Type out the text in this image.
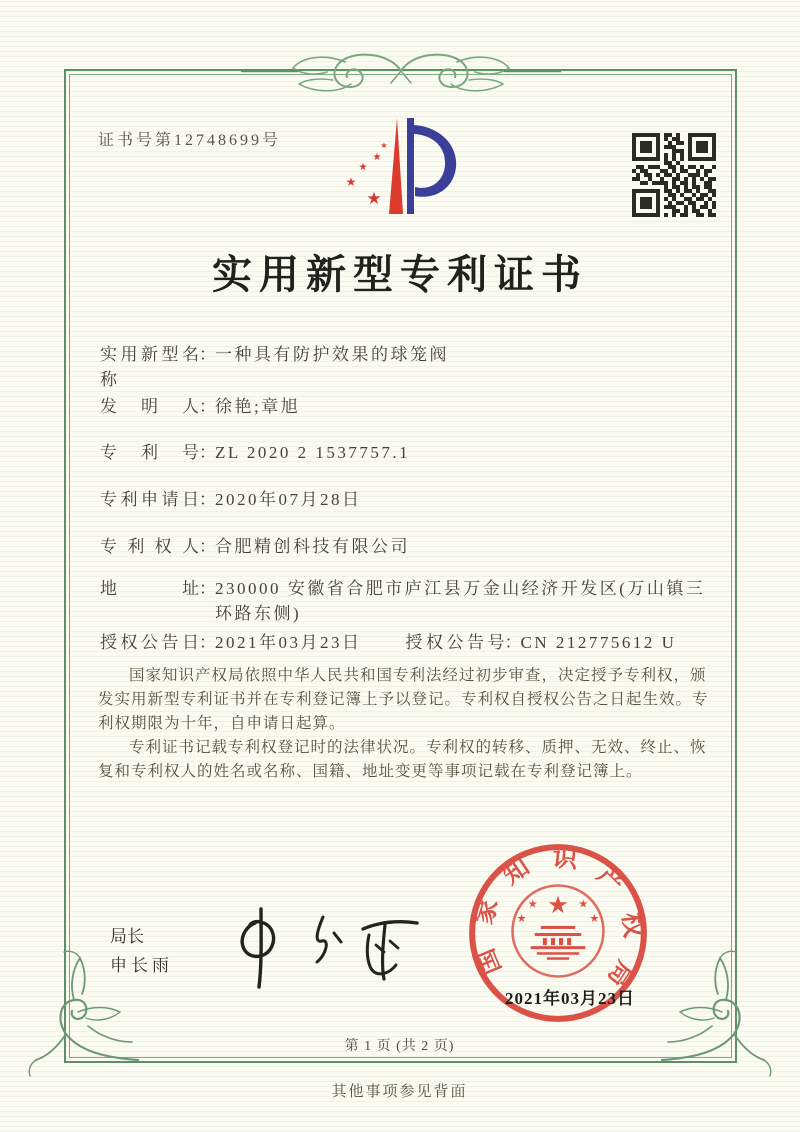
证书号第12748699号	★
★
★
★
★
实用新型专利证书
实用新型名称：一种具有防护效果的球笼阀
发明人：徐艳;章旭
专利号：ZL 2020 2 1537757.1
专利申请日：2020年07月28日
专利权人：合肥精创科技有限公司
地址：230000 安徽省合肥市庐江县万金山经济开发区(万山镇三环路东侧)
授权公告日：2021年03月23日	授权公告号：CN 212775612 U

国家知识产权局依照中华人民共和国专利法经过初步审查，决定授予专利权，颁发实用新型专利证书并在专利登记簿上予以登记。专利权自授权公告之日起生效。专利权期限为十年，自申请日起算。

专利证书记载专利权登记时的法律状况。专利权的转移、质押、无效、终止、恢复和专利权人的姓名或名称、国籍、地址变更等事项记载在专利登记簿上。

局长
申长雨	国家知识产权局
★
★
★
★
★
2021年03月23日
第 1 页 (共 2 页)
其他事项参见背面
